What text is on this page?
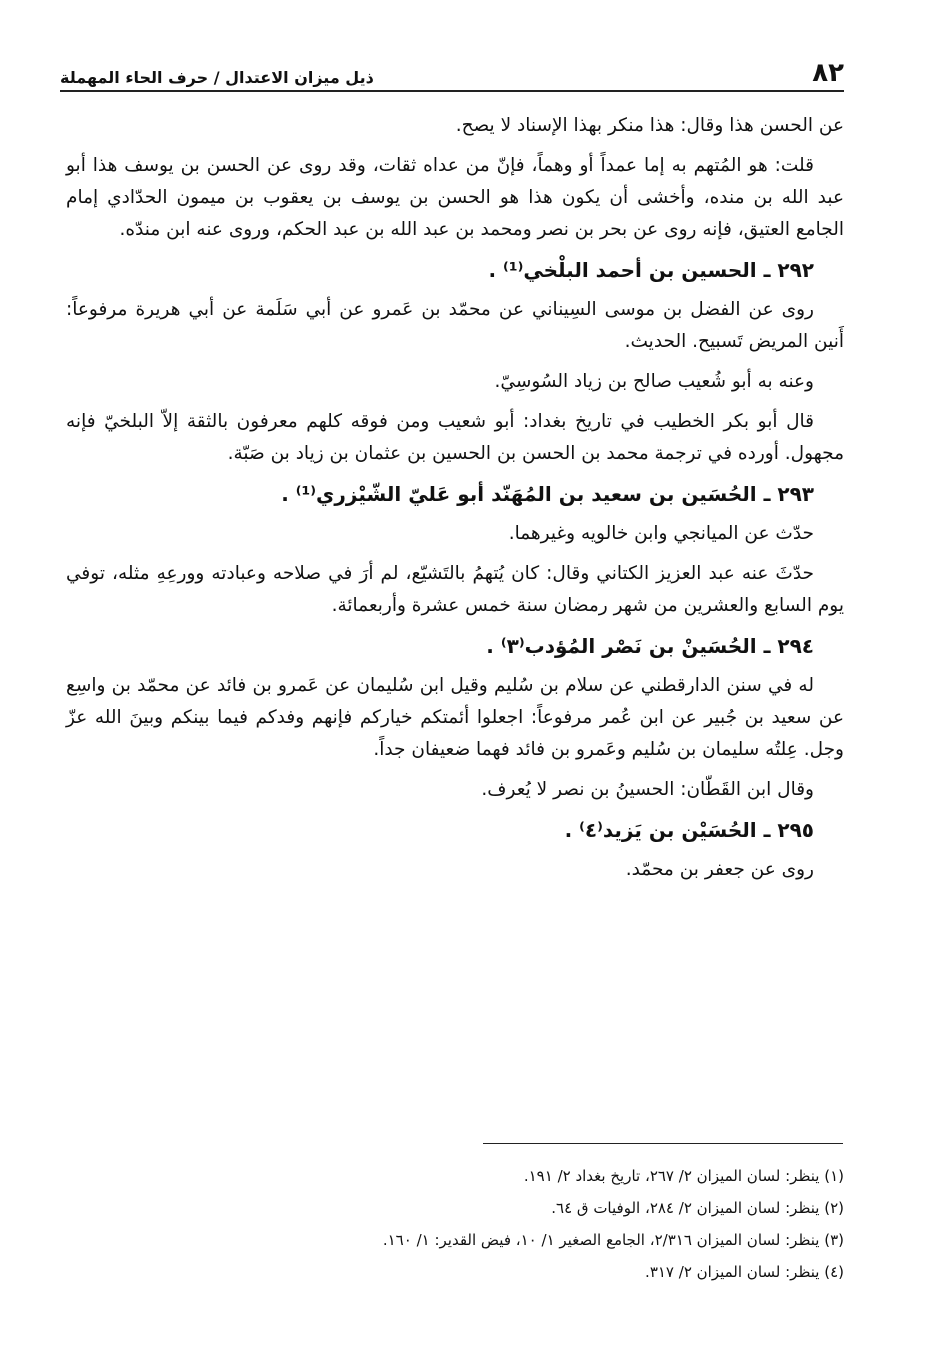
٨٢
ذيل ميزان الاعتدال / حرف الحاء المهملة

عن الحسن هذا وقال: هذا منكر بهذا الإسناد لا يصح.

قلت: هو المُتهم به إما عمداً أو وهماً، فإنّ من عداه ثقات، وقد روى عن الحسن بن يوسف هذا أبو عبد الله بن منده، وأخشى أن يكون هذا هو الحسن بن يوسف بن يعقوب بن ميمون الحدّادي إمام الجامع العتيق، فإنه روى عن بحر بن نصر ومحمد بن عبد الله بن عبد الحكم، وروى عنه ابن مندّه.

٢٩٢ ـ الحسين بن أحمد البلْخي⁽¹⁾ .

روى عن الفضل بن موسى السِيناني عن محمّد بن عَمرو عن أبي سَلَمة عن أبي هريرة مرفوعاً: أَنين المريض تَسبيح. الحديث.

وعنه به أبو شُعيب صالح بن زياد السُوسِيّ.

قال أبو بكر الخطيب في تاريخ بغداد: أبو شعيب ومن فوقه كلهم معرفون بالثقة إلاّ البلخيّ فإنه مجهول. أورده في ترجمة محمد بن الحسن بن الحسين بن عثمان بن زياد بن صَبّة.

٢٩٣ ـ الحُسَين بن سعيد بن المُهَنّد أبو عَليّ الشّيْزري⁽¹⁾ .

حدّث عن الميانجي وابن خالويه وغيرهما.

حدّثَ عنه عبد العزيز الكتاني وقال: كان يُتهمُ بالتَشيّع، لم أرَ في صلاحه وعبادته وورعِهِ مثله، توفي يوم السابع والعشرين من شهر رمضان سنة خمس عشرة وأربعمائة.

٢٩٤ ـ الحُسَينْ بن نَصْر المُؤدب⁽٣⁾ .

له في سنن الدارقطني عن سلام بن سُليم وقيل ابن سُليمان عن عَمرو بن فائد عن محمّد بن واسِع عن سعيد بن جُبير عن ابن عُمر مرفوعاً: اجعلوا أئمتكم خياركم فإنهم وفدكم فيما بينكم وبينَ الله عزّ وجل. عِلتُه سليمان بن سُليم وعَمرو بن فائد فهما ضعيفان جداً.

وقال ابن القَطّان: الحسينُ بن نصر لا يُعرف.

٢٩٥ ـ الحُسَيْن بن يَزيد⁽٤⁾ .

روى عن جعفر بن محمّد.

(١) ينظر: لسان الميزان ٢/ ٢٦٧، تاريخ بغداد ٢/ ١٩١.
(٢) ينظر: لسان الميزان ٢/ ٢٨٤، الوفيات ق ٦٤.
(٣) ينظر: لسان الميزان ٢/٣١٦، الجامع الصغير ١/ ١٠، فيض القدير: ١/ ١٦٠.
(٤) ينظر: لسان الميزان ٢/ ٣١٧.
